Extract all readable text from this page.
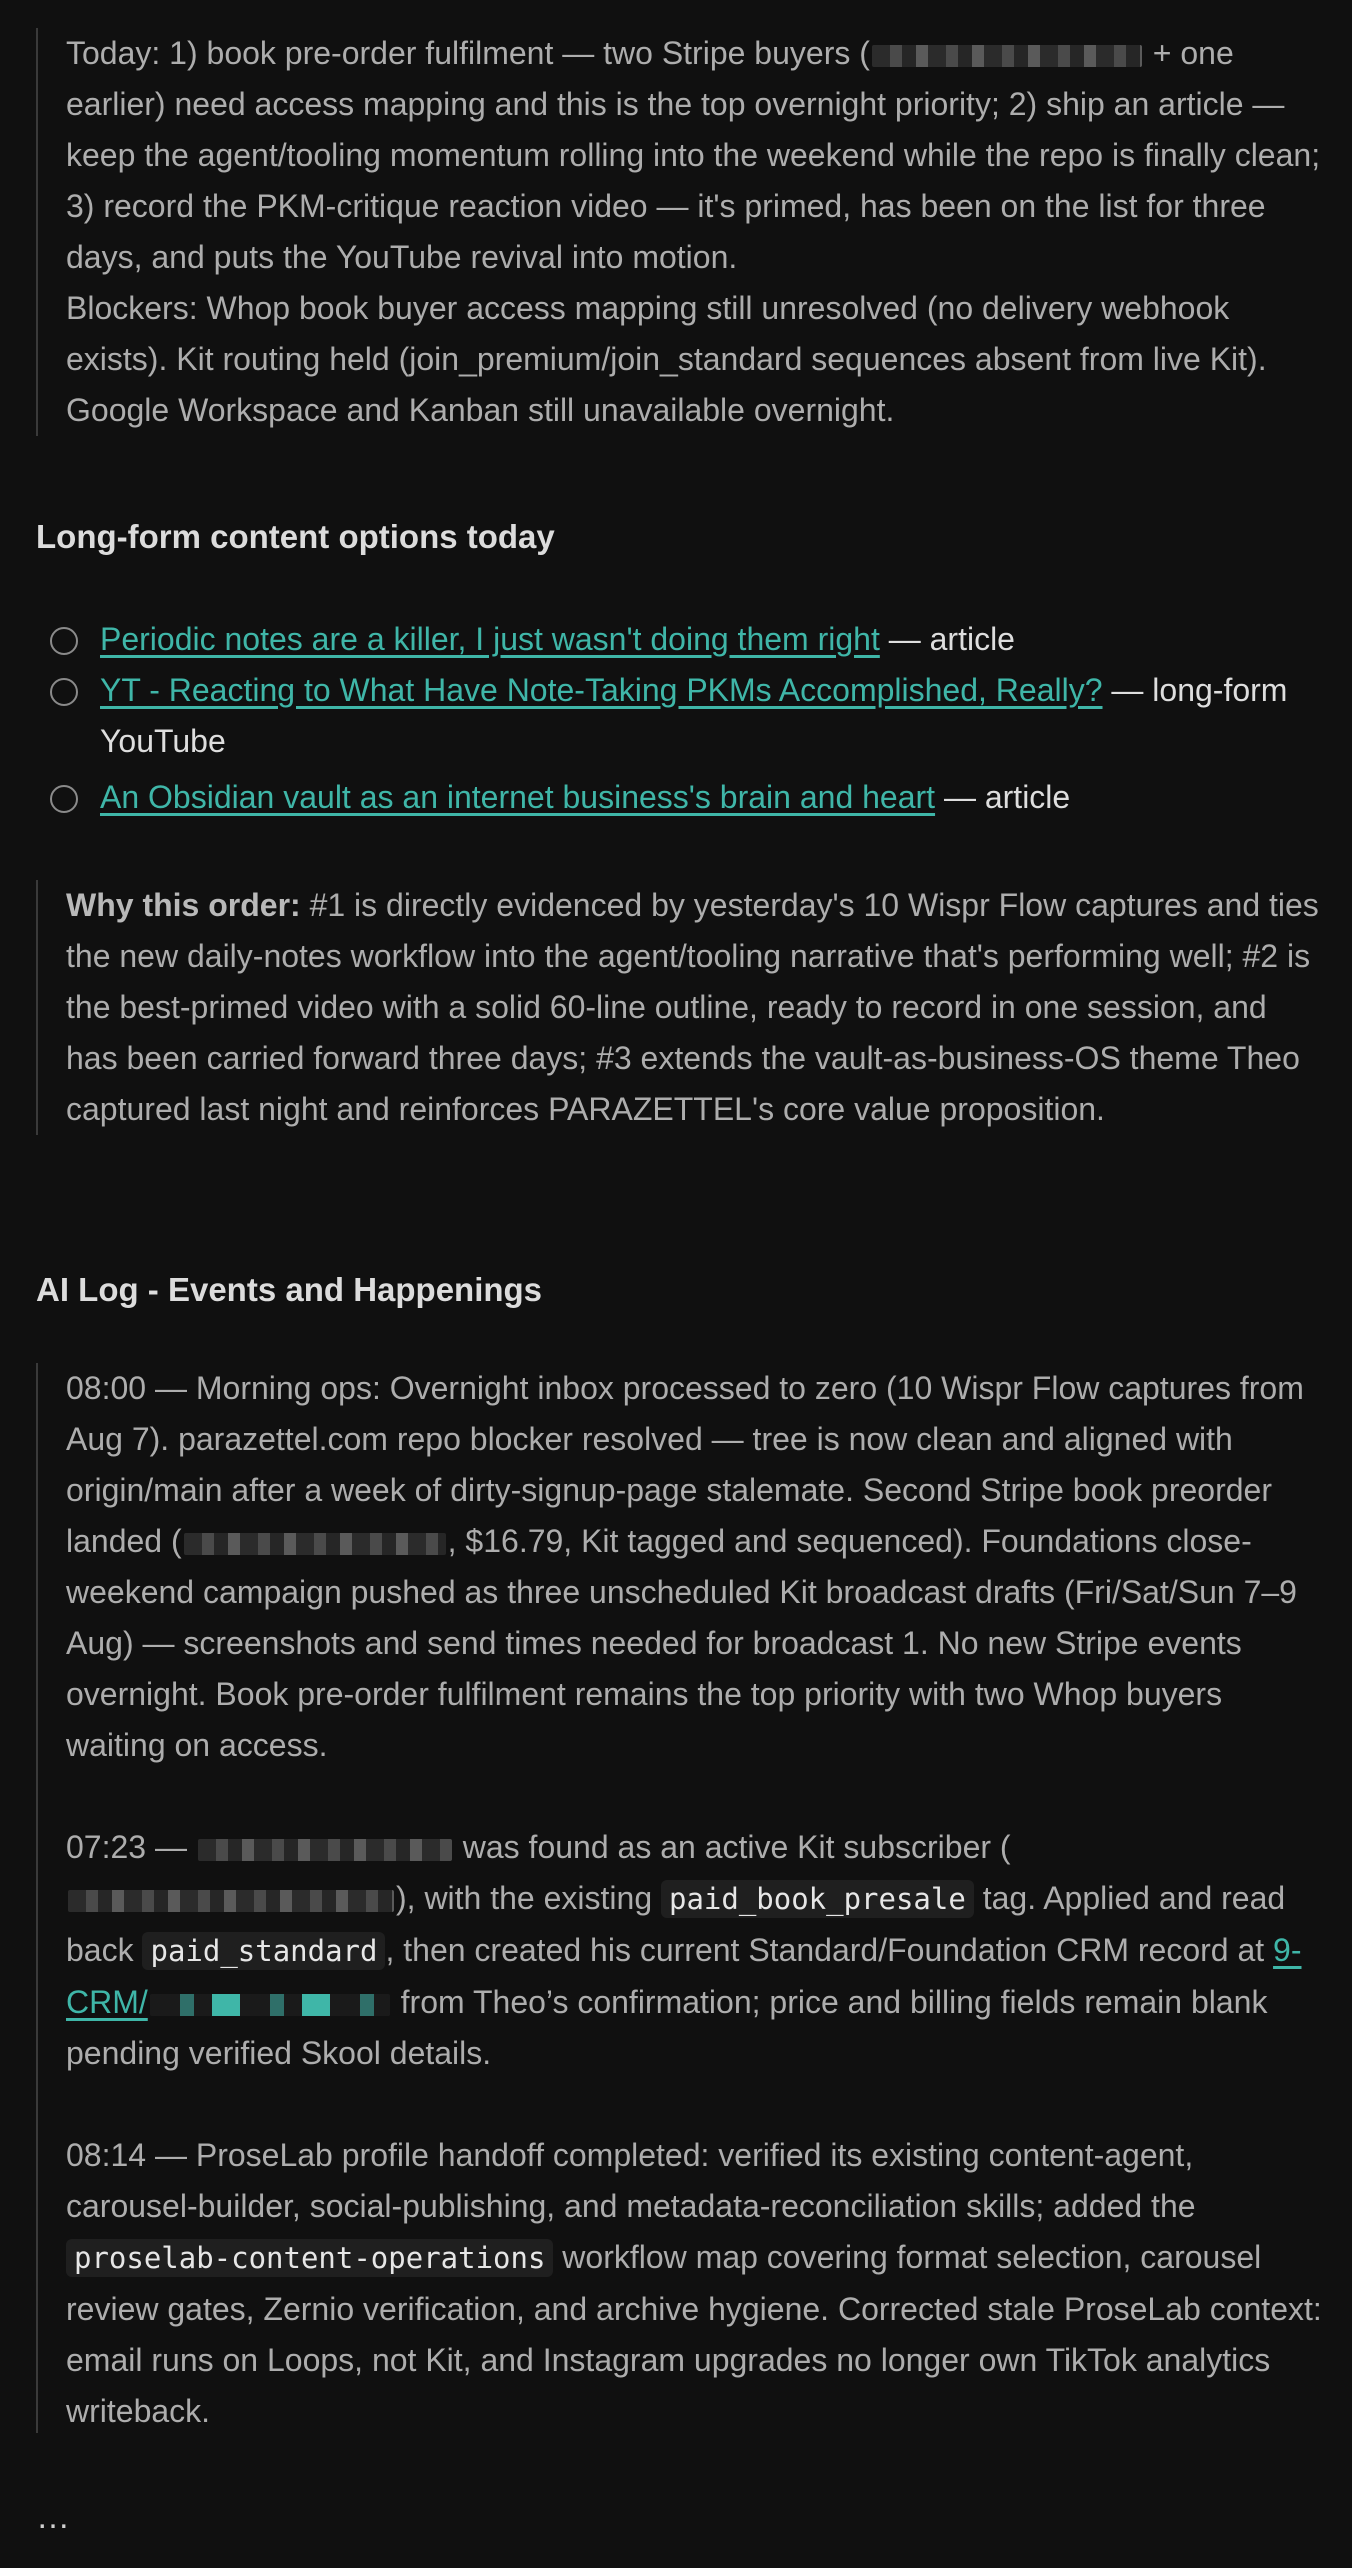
Today: 1) book pre-order fulfilment — two Stripe buyers (	+ one earlier) need access mapping and this is the top overnight priority; 2) ship an article — keep the agent/tooling momentum rolling into the weekend while the repo is finally clean; 3) record the PKM-critique reaction video — it's primed, has been on the list for three days, and puts the YouTube revival into motion.

Blockers: Whop book buyer access mapping still unresolved (no delivery webhook exists). Kit routing held (join_premium/join_standard sequences absent from live Kit). Google Workspace and Kanban still unavailable overnight.

Long-form content options today
Periodic notes are a killer, I just wasn't doing them right — article
YT - Reacting to What Have Note-Taking PKMs Accomplished, Really? — long-form YouTube
An Obsidian vault as an internet business's brain and heart — article

Why this order: #1 is directly evidenced by yesterday's 10 Wispr Flow captures and ties the new daily-notes workflow into the agent/tooling narrative that's performing well; #2 is the best-primed video with a solid 60-line outline, ready to record in one session, and has been carried forward three days; #3 extends the vault-as-business-OS theme Theo captured last night and reinforces PARAZETTEL's core value proposition.

AI Log - Events and Happenings

08:00 — Morning ops: Overnight inbox processed to zero (10 Wispr Flow captures from Aug 7). parazettel.com repo blocker resolved — tree is now clean and aligned with origin/main after a week of dirty-signup-page stalemate. Second Stripe book preorder landed (	, $16.79, Kit tagged and sequenced). Foundations close-weekend campaign pushed as three unscheduled Kit broadcast drafts (Fri/Sat/Sun 7–9 Aug) — screenshots and send times needed for broadcast 1. No new Stripe events overnight. Book pre-order fulfilment remains the top priority with two Whop buyers waiting on access.

07:23 —	was found as an active Kit subscriber (), with the existing paid_book_presale tag. Applied and read back paid_standard , then created his current Standard/Foundation CRM record at 9-CRM/	from Theo’s confirmation; price and billing fields remain blank pending verified Skool details.

08:14 — ProseLab profile handoff completed: verified its existing content-agent, carousel-builder, social-publishing, and metadata-reconciliation skills; added the proselab-content-operations workflow map covering format selection, carousel review gates, Zernio verification, and archive hygiene. Corrected stale ProseLab context: email runs on Loops, not Kit, and Instagram upgrades no longer own TikTok analytics writeback.

…
